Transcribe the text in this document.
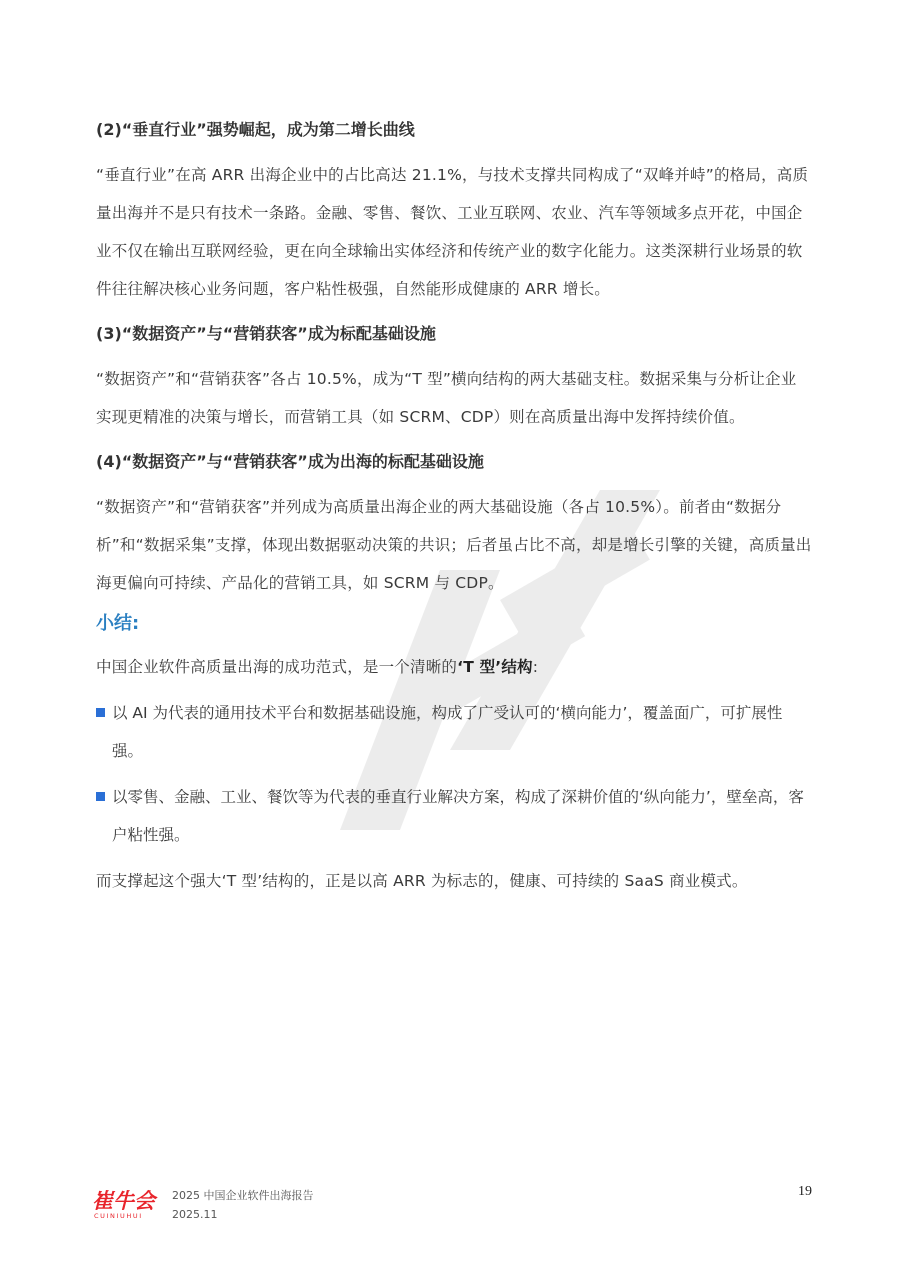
(2)“垂直行业”强势崛起，成为第二增长曲线

“垂直行业”在高 ARR 出海企业中的占比高达 21.1%，与技术支撑共同构成了“双峰并峙”的格局，高质量出海并不是只有技术一条路。金融、零售、餐饮、工业互联网、农业、汽车等领域多点开花，中国企业不仅在输出互联网经验，更在向全球输出实体经济和传统产业的数字化能力。这类深耕行业场景的软件往往解决核心业务问题，客户粘性极强，自然能形成健康的 ARR 增长。

(3)“数据资产”与“营销获客”成为标配基础设施

“数据资产”和“营销获客”各占 10.5%，成为“T 型”横向结构的两大基础支柱。数据采集与分析让企业实现更精准的决策与增长，而营销工具（如 SCRM、CDP）则在高质量出海中发挥持续价值。

(4)“数据资产”与“营销获客”成为出海的标配基础设施

“数据资产”和“营销获客”并列成为高质量出海企业的两大基础设施（各占 10.5%）。前者由“数据分析”和“数据采集”支撑，体现出数据驱动决策的共识；后者虽占比不高，却是增长引擎的关键，高质量出海更偏向可持续、产品化的营销工具，如 SCRM 与 CDP。

小结:

中国企业软件高质量出海的成功范式，是一个清晰的‘T 型’结构:

以 AI 为代表的通用技术平台和数据基础设施，构成了广受认可的‘横向能力’，覆盖面广，可扩展性强。
以零售、金融、工业、餐饮等为代表的垂直行业解决方案，构成了深耕价值的‘纵向能力’，壁垒高，客户粘性强。

而支撑起这个强大‘T 型’结构的，正是以高 ARR 为标志的，健康、可持续的 SaaS 商业模式。

崔牛会
CUINIUHUI
2025 中国企业软件出海报告
2025.11
19
